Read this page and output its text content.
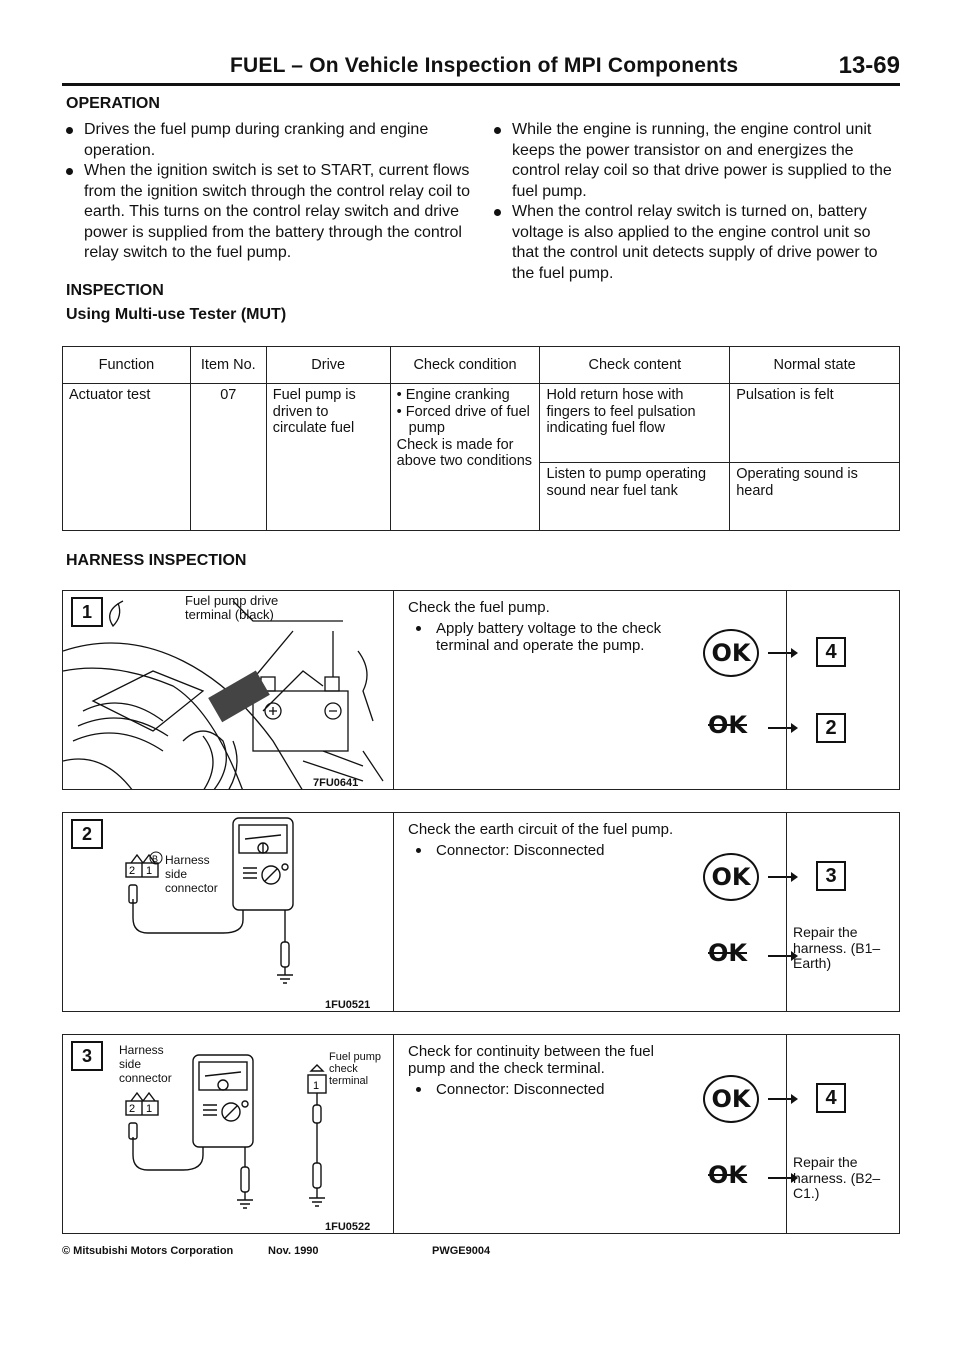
FUEL – On Vehicle Inspection of MPI Components	13-69
OPERATION
Drives the fuel pump during cranking and engine operation.
When the ignition switch is set to START, current flows from the ignition switch through the control relay coil to earth. This turns on the control relay switch and drive power is supplied from the battery through the control relay switch to the fuel pump.
While the engine is running, the engine control unit keeps the power transistor on and energizes the control relay coil so that drive power is supplied to the fuel pump.
When the control relay switch is turned on, battery voltage is also applied to the engine control unit so that the control unit detects supply of drive power to the fuel pump.
INSPECTION
Using Multi-use Tester (MUT)
Function	Item No.	Drive	Check condition	Check content	Normal state
Actuator test	07	Fuel pump is driven to circulate fuel	• Engine cranking
• Forced drive of fuel pump
Check is made for above two conditions	Hold return hose with fingers to feel pulsation indicating fuel flow	Pulsation is felt
				Listen to pump operating sound near fuel tank	Operating sound is heard
HARNESS INSPECTION
1
Fuel pump drive terminal (black)
7FU0641
Check the fuel pump.
Apply battery voltage to the check terminal and operate the pump.	OK	4
OK	2
2 1
B
2
Harness side connector
1FU0521
Check the earth circuit of the fuel pump.
Connector: Disconnected
OK	3
OK
Repair the harness. (B1– Earth)
2 1
1
3	Harness side connector
Fuel pump check terminal
1FU0522
Check for continuity between the fuel pump and the check terminal.
Connector: Disconnected	OK	4
OK	Repair the harness. (B2–C1.)
© Mitsubishi Motors Corporation	Nov. 1990	PWGE9004
